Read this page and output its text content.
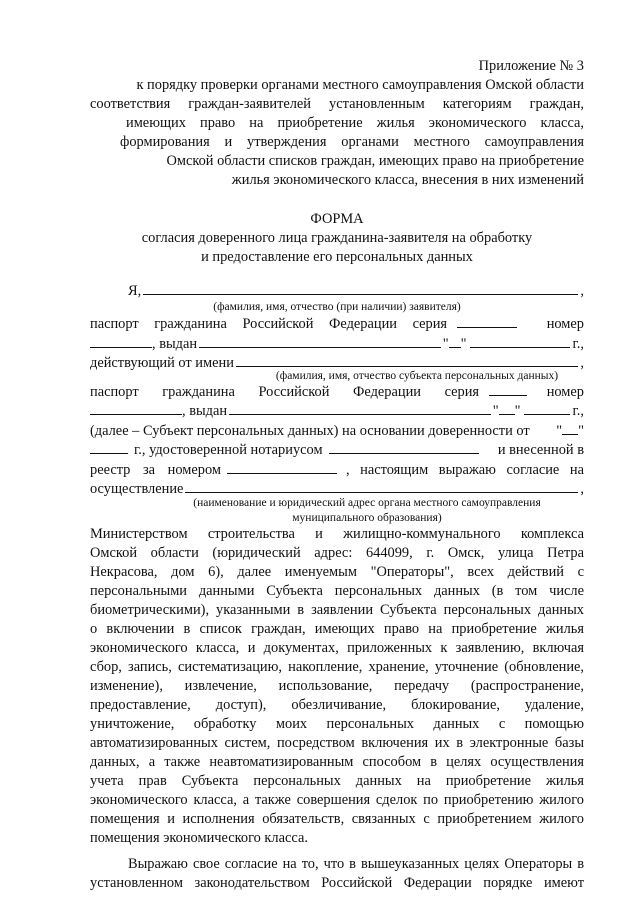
Приложение № 3
к порядку проверки органами местного самоуправления Омской области
соответствия граждан-заявителей установленным категориям граждан,
имеющих право на приобретение жилья экономического класса,
формирования и утверждения органами местного самоуправления
Омской области списков граждан, имеющих право на приобретение
жилья экономического класса, внесения в них изменений
ФОРМА
согласия доверенного лица гражданина-заявителя на обработку
и предоставление его персональных данных
Я,	,
(фамилия, имя, отчество (при наличии) заявителя)
паспорт гражданина Российской Федерации серия	номер
, выдан	" "	г.,
действующий от имени	,
(фамилия, имя, отчество субъекта персональных данных)
паспорт гражданина Российской Федерации серия	номер
, выдан	" "	г.,
(далее – Субъект персональных данных) на основании доверенности от " "
г., удостоверенной нотариусом	и внесенной в
реестр за номером	, настоящим выражаю согласие на
осуществление	,
(наименование и юридический адрес органа местного самоуправления
муниципального образования)
Министерством строительства и жилищно-коммунального комплекса
Омской области (юридический адрес: 644099, г. Омск, улица Петра
Некрасова, дом 6), далее именуемым "Операторы", всех действий с
персональными данными Субъекта персональных данных (в том числе
биометрическими), указанными в заявлении Субъекта персональных данных
о включении в список граждан, имеющих право на приобретение жилья
экономического класса, и документах, приложенных к заявлению, включая
сбор, запись, систематизацию, накопление, хранение, уточнение (обновление,
изменение), извлечение, использование, передачу (распространение,
предоставление, доступ), обезличивание, блокирование, удаление,
уничтожение, обработку моих персональных данных с помощью
автоматизированных систем, посредством включения их в электронные базы
данных, а также неавтоматизированным способом в целях осуществления
учета прав Субъекта персональных данных на приобретение жилья
экономического класса, а также совершения сделок по приобретению жилого
помещения и исполнения обязательств, связанных с приобретением жилого
помещения экономического класса.
Выражаю свое согласие на то, что в вышеуказанных целях Операторы в
установленном законодательством Российской Федерации порядке имеют
